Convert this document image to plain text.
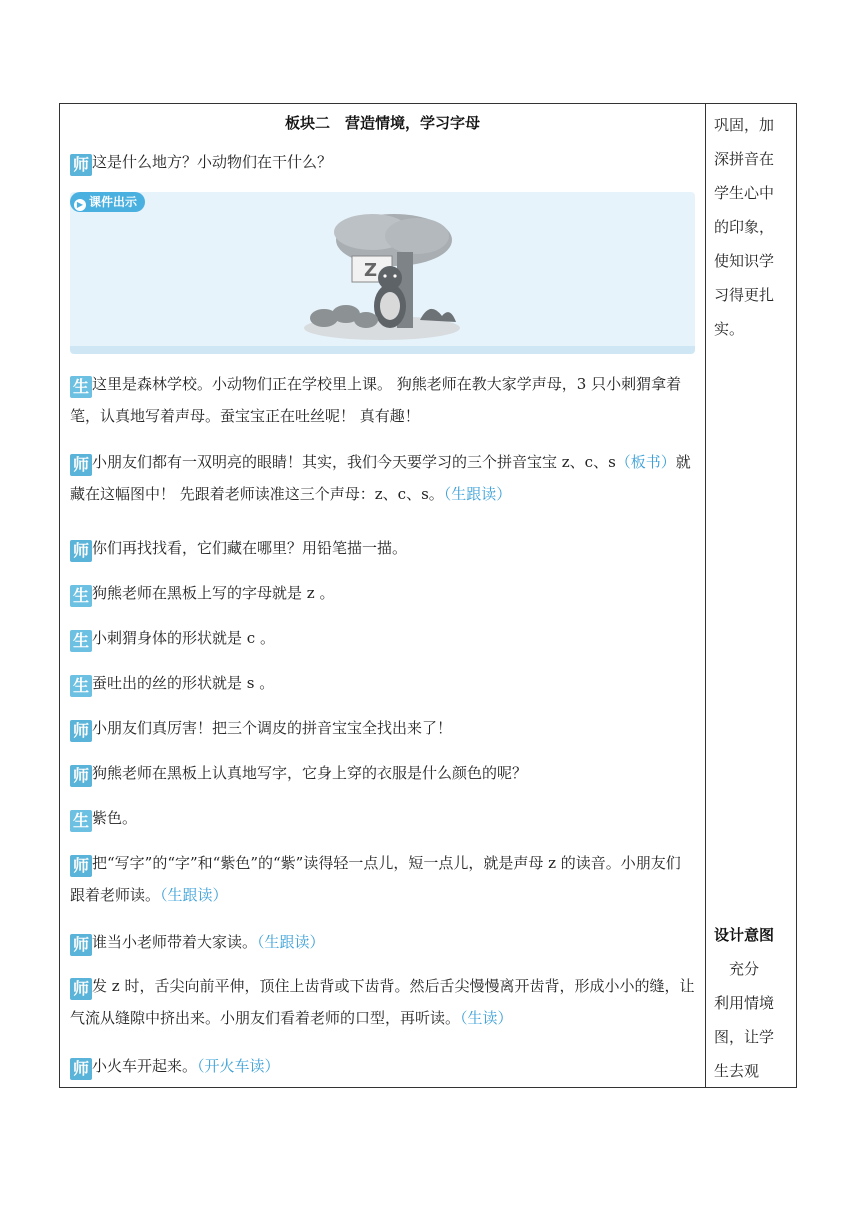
板块二　营造情境，学习字母
师 这是什么地方？小动物们在干什么？
▶ 课件出示
Z
生 这里是森林学校。小动物们正在学校里上课。 狗熊老师在教大家学声母，3 只小刺猬拿着笔，认真地写着声母。蚕宝宝正在吐丝呢！ 真有趣！
师 小朋友们都有一双明亮的眼睛！其实，我们今天要学习的三个拼音宝宝 z、c、s（板书）就藏在这幅图中！ 先跟着老师读准这三个声母：z、c、s。（生跟读）
师 你们再找找看，它们藏在哪里？用铅笔描一描。
生 狗熊老师在黑板上写的字母就是 z 。
生 小刺猬身体的形状就是 c 。
生 蚕吐出的丝的形状就是 s 。
师 小朋友们真厉害！把三个调皮的拼音宝宝全找出来了！
师 狗熊老师在黑板上认真地写字，它身上穿的衣服是什么颜色的呢？
生 紫色。
师 把“写字”的“字”和“紫色”的“紫”读得轻一点儿，短一点儿，就是声母 z 的读音。小朋友们跟着老师读。（生跟读）
师 谁当小老师带着大家读。（生跟读）
师 发 z 时，舌尖向前平伸，顶住上齿背或下齿背。然后舌尖慢慢离开齿背，形成小小的缝，让气流从缝隙中挤出来。小朋友们看着老师的口型，再听读。（生读）
师 小火车开起来。（开火车读）
巩固，加
深拼音在
学生心中
的印象，
使知识学
习得更扎
实。
设计意图
　充分
利用情境
图，让学
生去观
